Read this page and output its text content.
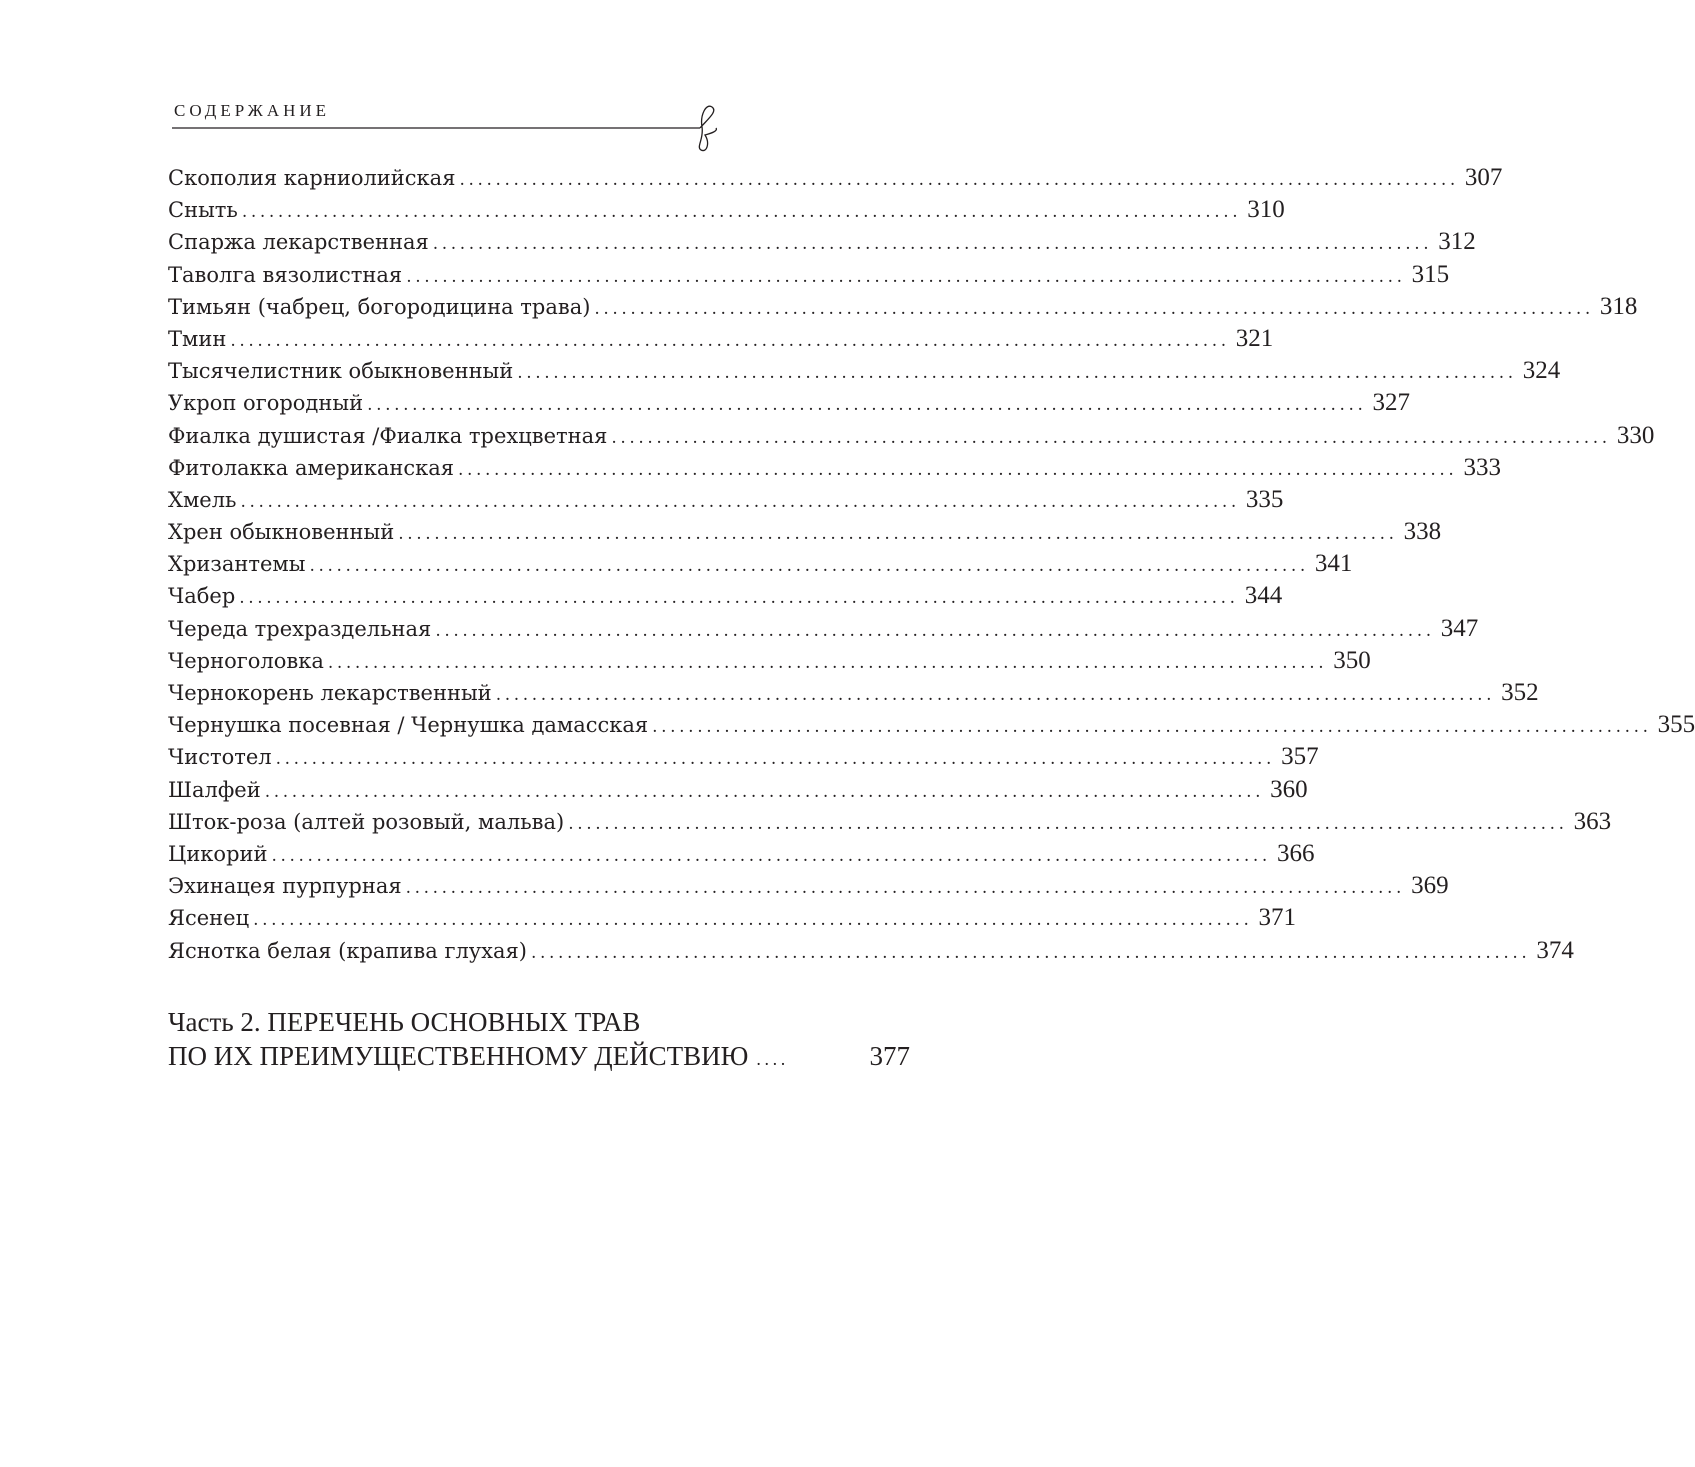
СОДЕРЖАНИЕ
Скополия карниолийская ............................................................................................................... 307
Сныть ............................................................................................................... 310
Спаржа лекарственная ............................................................................................................... 312
Таволга вязолистная ............................................................................................................... 315
Тимьян (чабрец, богородицина трава) ............................................................................................................... 318
Тмин ............................................................................................................... 321
Тысячелистник обыкновенный ............................................................................................................... 324
Укроп огородный ............................................................................................................... 327
Фиалка душистая /Фиалка трехцветная ............................................................................................................... 330
Фитолакка американская ............................................................................................................... 333
Хмель ............................................................................................................... 335
Хрен обыкновенный ............................................................................................................... 338
Хризантемы ............................................................................................................... 341
Чабер ............................................................................................................... 344
Череда трехраздельная ............................................................................................................... 347
Черноголовка ............................................................................................................... 350
Чернокорень лекарственный ............................................................................................................... 352
Чернушка посевная / Чернушка дамасская ............................................................................................................... 355
Чистотел ............................................................................................................... 357
Шалфей ............................................................................................................... 360
Шток-роза (алтей розовый, мальва) ............................................................................................................... 363
Цикорий ............................................................................................................... 366
Эхинацея пурпурная ............................................................................................................... 369
Ясенец ............................................................................................................... 371
Яснотка белая (крапива глухая) ............................................................................................................... 374
Часть 2. ПЕРЕЧЕНЬ ОСНОВНЫХ ТРАВ
ПО ИХ ПРЕИМУЩЕСТВЕННОМУ ДЕЙСТВИЮ ....	377
